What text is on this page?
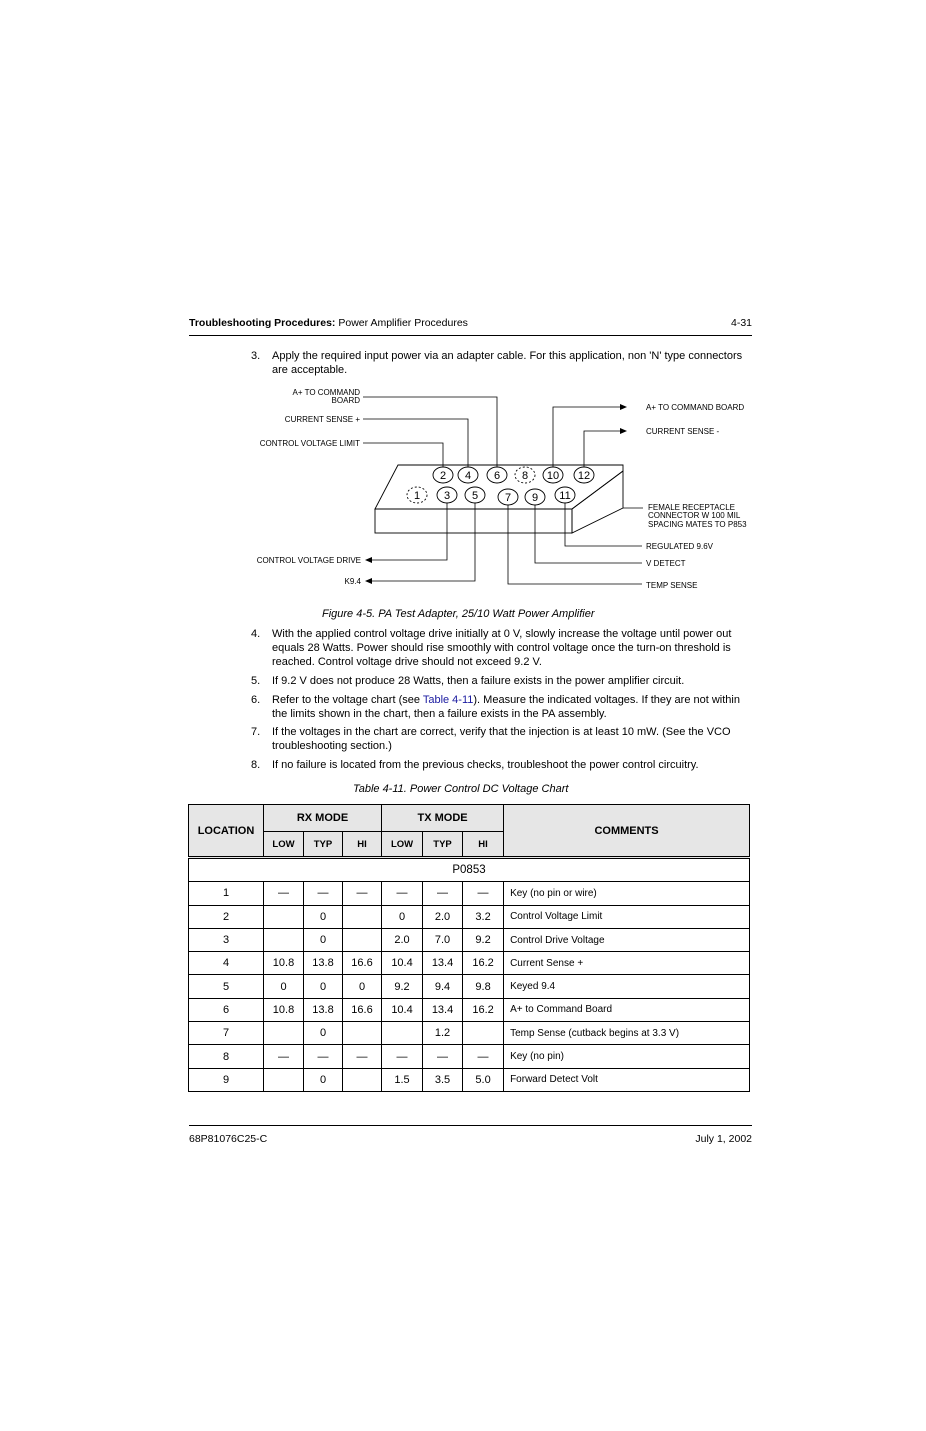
Troubleshooting Procedures: Power Amplifier Procedures	4-31
3.	Apply the required input power via an adapter cable. For this application, non 'N' type connectors are acceptable.
2 4 6 8 10 12
1 3 5 7 9 11
A+ TO COMMAND
BOARD
CURRENT SENSE +
CONTROL VOLTAGE LIMIT
A+ TO COMMAND BOARD
CURRENT SENSE -
FEMALE RECEPTACLE
CONNECTOR W 100 MIL
SPACING MATES TO P853
REGULATED 9.6V
V DETECT
TEMP SENSE
CONTROL VOLTAGE DRIVE
K9.4
Figure 4-5. PA Test Adapter, 25/10 Watt Power Amplifier
4.	With the applied control voltage drive initially at 0 V, slowly increase the voltage until power out equals 28 Watts. Power should rise smoothly with control voltage once the turn-on threshold is reached. Control voltage drive should not exceed 9.2 V.
5.	If 9.2 V does not produce 28 Watts, then a failure exists in the power amplifier circuit.
6.	Refer to the voltage chart (see Table 4-11). Measure the indicated voltages. If they are not within the limits shown in the chart, then a failure exists in the PA assembly.
7.	If the voltages in the chart are correct, verify that the injection is at least 10 mW. (See the VCO troubleshooting section.)
8.	If no failure is located from the previous checks, troubleshoot the power control circuitry.
Table 4-11. Power Control DC Voltage Chart
LOCATION	RX MODE			TX MODE			COMMENTS
	LOW	TYP	HI	LOW	TYP	HI	
P0853							
1	—	—	—	—	—	—	Key (no pin or wire)
2		0		0	2.0	3.2	Control Voltage Limit
3		0		2.0	7.0	9.2	Control Drive Voltage
4	10.8	13.8	16.6	10.4	13.4	16.2	Current Sense +
5	0	0	0	9.2	9.4	9.8	Keyed 9.4
6	10.8	13.8	16.6	10.4	13.4	16.2	A+ to Command Board
7		0			1.2		Temp Sense (cutback begins at 3.3 V)
8	—	—	—	—	—	—	Key (no pin)
9		0		1.5	3.5	5.0	Forward Detect Volt
68P81076C25-C	July 1, 2002
